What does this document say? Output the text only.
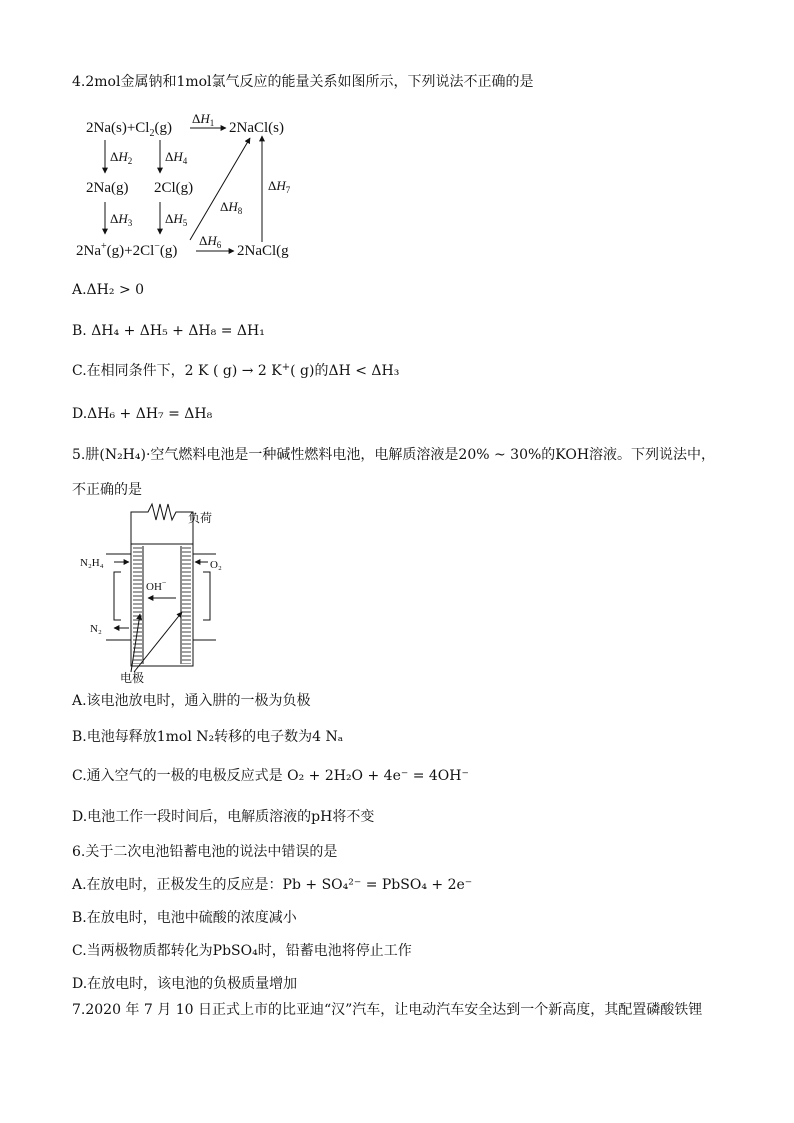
4.2mol金属钠和1mol氯气反应的能量关系如图所示，下列说法不正确的是
$2Na(s)+Cl_2(g)$
$\Delta H_1$ 2NaCl(s)
$\Delta H_2$	$\Delta H_4$
2Na(g) 2Cl(g)
$\Delta H_3$	$\Delta H_5$
$\Delta H_8$
$\Delta H_7$
2Na+(g)+2Cl−(g)
$\Delta H_6$ 2NaCl(g
A.ΔH₂ > 0
B. ΔH₄ + ΔH₅ + ΔH₈ = ΔH₁
C.在相同条件下，2 K ( g) → 2 K+( g)的ΔH < ΔH₃
D.ΔH₆ + ΔH₇ = ΔH₈
5.肼(N₂H₄)·空气燃料电池是一种碱性燃料电池，电解质溶液是20% ~ 30%的KOH溶液。下列说法中，
不正确的是
负荷
N₂H₄	O₂
N₂
OH−
电极
A.该电池放电时，通入肼的一极为负极
B.电池每释放1mol N₂转移的电子数为4 Nₐ
C.通入空气的一极的电极反应式是 O₂ + 2H₂O + 4e⁻ = 4OH⁻
D.电池工作一段时间后，电解质溶液的pH将不变
6.关于二次电池铅蓄电池的说法中错误的是
A.在放电时，正极发生的反应是：Pb + SO₄²⁻ = PbSO₄ + 2e⁻
B.在放电时，电池中硫酸的浓度减小
C.当两极物质都转化为PbSO₄时，铅蓄电池将停止工作
D.在放电时，该电池的负极质量增加
7.2020 年 7 月 10 日正式上市的比亚迪“汉”汽车，让电动汽车安全达到一个新高度，其配置磷酸铁锂
